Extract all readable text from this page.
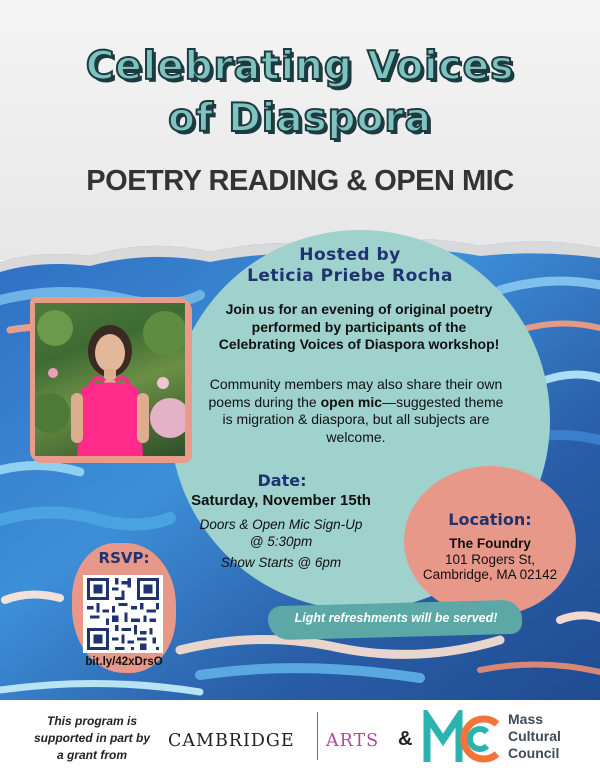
Celebrating Voices
of Diaspora
POETRY READING & OPEN MIC
Hosted by
Leticia Priebe Rocha
Join us for an evening of original poetry performed by participants of the Celebrating Voices of Diaspora workshop!
Community members may also share their own poems during the open mic—suggested theme is migration & diaspora, but all subjects are welcome.
Date:
Saturday, November 15th
Doors & Open Mic Sign-Up
@ 5:30pm
Show Starts @ 6pm
Location:
The Foundry
101 Rogers St,
Cambridge, MA 02142
Light refreshments will be served!
RSVP:
bit.ly/42xDrsO
This program is
supported in part by
a grant from
CAMBRIDGE ARTS &
Mass
Cultural
Council
